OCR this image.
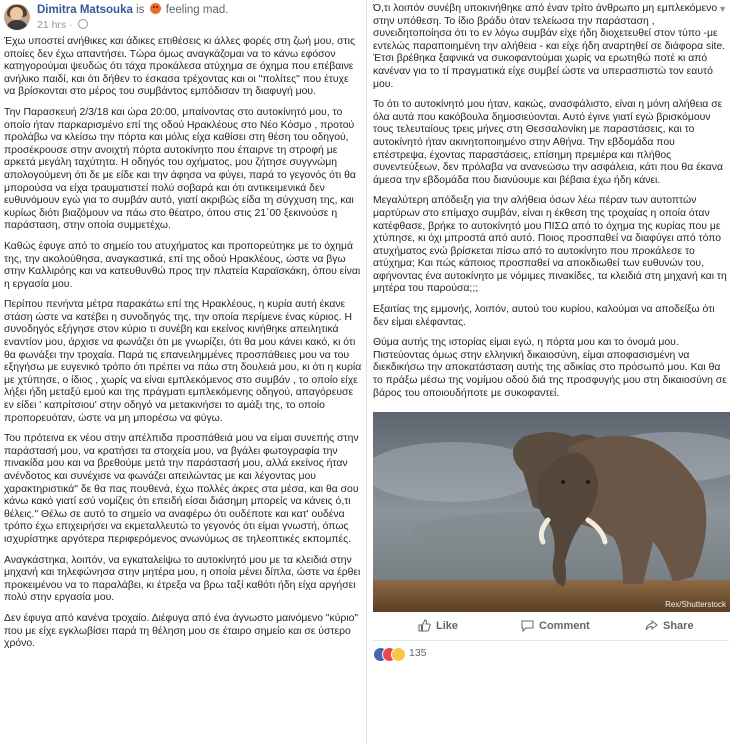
Dimitra Matsouka is feeling mad.
21 hrs ·

Έχω υποστεί ανήθικες και άδικες επιθέσεις κι άλλες φορές στη ζωή μου, στις οποίες δεν έχω απαντήσει. Τώρα όμως αναγκάζομαι να το κάνω εφόσον κατηγορούμαι ψευδώς ότι τάχα προκάλεσα ατύχημα σε όχημα που επέβαινε ανήλικο παιδί, και ότι δήθεν το έσκασα τρέχοντας και οι "πολίτες" που έτυχε να βρίσκονται στο μέρος του συμβάντος εμπόδισαν τη διαφυγή μου.

Την Παρασκευή 2/3/18 και ώρα 20:00, μπαίνοντας στο αυτοκίνητό μου, το οποίο ήταν παρκαρισμένο επί της οδού Ηρακλέους στο Νέο Κόσμο , προτού προλάβω να κλείσω την πόρτα και μόλις είχα καθίσει στη θέση του οδηγού, προσέκρουσε στην ανοιχτή πόρτα αυτοκίνητο που έπαιρνε τη στροφή με αρκετά μεγάλη ταχύτητα. Η οδηγός του οχήματος, μου ζήτησε συγγνώμη απολογούμενη ότι δε με είδε και την άφησα να φύγει, παρά το γεγονός ότι θα μπορούσα να είχα τραυματιστεί πολύ σοβαρά και ότι αντικειμενικά δεν ευθυνόμουν εγώ για το συμβάν αυτό, γιατί ακριβώς είδα τη σύγχυση της, και κυρίως διότι βιαζόμουν να πάω στο θέατρο, όπου στις 21΄00 ξεκινούσε η παράσταση, στην οποία συμμετέχω.

Καθώς έφυγε από το σημείο του ατυχήματος και προπορεύτηκε με το όχημά της, την ακολούθησα, αναγκαστικά, επί της οδού Ηρακλέους, ώστε να βγω στην Καλλιρόης και να κατευθυνθώ προς την πλατεία Καραϊσκάκη, όπου είναι η εργασία μου.

Περίπου πενήντα μέτρα παρακάτω επί της Ηρακλέους, η κυρία αυτή έκανε στάση ώστε να κατέβει η συνοδηγός της, την οποία περίμενε ένας κύριος. Η συνοδηγός εξήγησε στον κύριο τι συνέβη και εκείνος κινήθηκε απειλητικά εναντίον μου, άρχισε να φωνάζει ότι με γνωρίζει, ότι θα μου κάνει κακό, κι ότι θα φωνάξει την τροχαία. Παρά τις επανειλημμένες προσπάθειες μου να του εξηγήσω με ευγενικό τρόπο ότι πρέπει να πάω στη δουλειά μου, κι ότι η κυρία με χτύπησε, ο ίδιος , χωρίς να είναι εμπλεκόμενος στο συμβάν , το οποίο είχε λήξει ήδη μεταξύ εμού και της πράγματι εμπλεκόμενης οδηγού, απαγόρευσε εν είδει ' καπρίτσιου' στην οδηγό να μετακινήσει το αμάξι της, το οποίο προπορευόταν, ώστε να μη μπορέσω να φύγω.

Του πρότεινα εκ νέου στην απέλπιδα προσπάθειά μου να είμαι συνεπής στην παράστασή μου, να κρατήσει τα στοιχεία μου, να βγάλει φωτογραφία την πινακίδα μου και να βρεθούμε μετά την παράστασή μου, αλλά εκείνος ήταν ανένδοτος και συνέχισε να φωνάζει απειλώντας με και λέγοντας μου χαρακτηριστικά" δε θα πας πουθενά, έχω πολλές άκρες στα μέσα, και θα σου κάνω κακό γιατί εσύ νομίζεις ότι επειδή είσαι διάσημη μπορείς να κάνεις ό,τι θέλεις." Θέλω σε αυτό το σημείο να αναφέρω ότι ουδέποτε και κατ' ουδένα τρόπο έχω επιχειρήσει να εκμεταλλευτώ το γεγονός ότι είμαι γνωστή, όπως ισχυρίστηκε αργότερα περιφερόμενος ανωνύμως σε τηλεοπτικές εκπομπές.

Αναγκάστηκα, λοιπόν, να εγκαταλείψω το αυτοκίνητό μου με τα κλειδιά στην μηχανή και τηλεφώνησα στην μητέρα μου, η οποία μένει δίπλα, ώστε να έρθει προκειμένου να το παραλάβει, κι έτρεξα να βρω ταξί καθότι ήδη είχα αργήσει πολύ στην εργασία μου.

Δεν έφυγα από κανένα τροχαίο. Διέφυγα από ένα άγνωστο μαινόμενο "κύριο" που με είχε εγκλωβίσει παρά τη θέληση μου σε έταιρο σημείο και σε ύστερο χρόνο.

▼

Ό,τι λοιπόν συνέβη υποκινήθηκε από έναν τρίτο άνθρωπο μη εμπλεκόμενο στην υπόθεση. Το ίδιο βράδυ όταν τελείωσα την παράσταση , συνειδητοποίησα ότι το εν λόγω συμβάν είχε ήδη διοχετευθεί στον τύπο -με εντελώς παραποιημένη την αλήθεια - και είχε ήδη αναρτηθεί σε διάφορα site. Έτσι βρέθηκα ξαφνικά να συκοφαντούμαι χωρίς να ερωτηθώ ποτέ κι από κανέναν για το τί πραγματικά είχε συμβεί ώστε να υπερασπιστώ τον εαυτό μου.

Το ότι το αυτοκίνητό μου ήταν, κακώς, ανασφάλιστο, είναι η μόνη αλήθεια σε όλα αυτά που κακόβουλα δημοσιεύονται. Αυτό έγινε γιατί εγώ βρισκόμουν τους τελευταίους τρεις μήνες στη Θεσσαλονίκη με παραστάσεις, και το αυτοκίνητό ήταν ακινητοποιημένο στην Αθήνα. Την εβδομάδα που επέστρεψα, έχοντας παραστάσεις, επίσημη πρεμιέρα και πλήθος συνεντεύξεων, δεν πρόλαβα να ανανεώσω την ασφάλεια, κάτι που θα έκανα άμεσα την εβδομάδα που διανύουμε και βέβαια έχω ήδη κάνει.

Μεγαλύτερη απόδειξη για την αλήθεια όσων λέω πέραν των αυτοπτών μαρτύρων στο επίμαχο συμβάν, είναι η έκθεση της τροχαίας η οποία όταν κατέφθασε, βρήκε το αυτοκίνητό μου ΠΙΣΩ από το όχημα της κυρίας που με χτύπησε, κι όχι μπροστά από αυτό. Ποιος προσπαθεί να διαφύγει από τόπο ατυχήματος ενώ βρίσκεται πίσω από το αυτοκίνητο που προκάλεσε το ατύχημα; Και πώς κάποιος προσπαθεί να αποκδιωθεί των ευθυνών του, αφήνοντας ένα αυτοκίνητο με νόμιμες πινακίδες, τα κλειδιά στη μηχανή και τη μητέρα του παρούσα;;;

Εξαιτίας της εμμονής, λοιπόν, αυτού του κυρίου, καλούμαι να αποδείξω ότι δεν είμαι ελέφαντας.

Θύμα αυτής της ιστορίας είμαι εγώ, η πόρτα μου και το όνομά μου. Πιστεύοντας όμως στην ελληνική δικαιοσύνη, είμαι αποφασισμένη να διεκδικήσω την αποκατάσταση αυτής της αδικίας στο πρόσωπό μου. Και θα το πράξω μέσω της νομίμου οδού διά της προσφυγής μου στη δικαιοσύνη σε βάρος του οποιουδήποτε με συκοφαντεί.

Rex/Shutterstock
Like	Comment	Share
135
